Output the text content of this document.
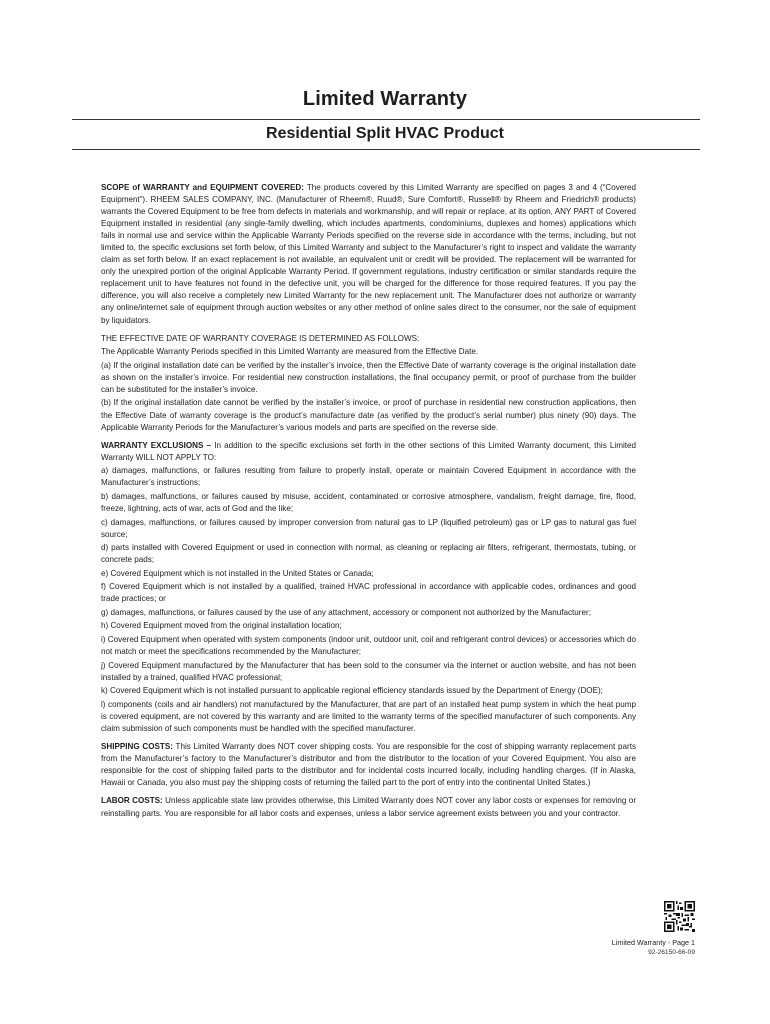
Limited Warranty
Residential Split HVAC Product

SCOPE of WARRANTY and EQUIPMENT COVERED: The products covered by this Limited Warranty are specified on pages 3 and 4 (“Covered Equipment”). RHEEM SALES COMPANY, INC. (Manufacturer of Rheem®, Ruud®, Sure Comfort®, Russell® by Rheem and Friedrich® products) warrants the Covered Equipment to be free from defects in materials and workmanship, and will repair or replace, at its option, ANY PART of Covered Equipment installed in residential (any single-family dwelling, which includes apartments, condominiums, duplexes and homes) applications which fails in normal use and service within the Applicable Warranty Periods specified on the reverse side in accordance with the terms, including, but not limited to, the specific exclusions set forth below, of this Limited Warranty and subject to the Manufacturer’s right to inspect and validate the warranty claim as set forth below. If an exact replacement is not available, an equivalent unit or credit will be provided. The replacement will be warranted for only the unexpired portion of the original Applicable Warranty Period. If government regulations, industry certification or similar standards require the replacement unit to have features not found in the defective unit, you will be charged for the difference for those required features. If you pay the difference, you will also receive a completely new Limited Warranty for the new replacement unit. The Manufacturer does not authorize or warranty any online/internet sale of equipment through auction websites or any other method of online sales direct to the consumer, nor the sale of equipment by liquidators.

THE EFFECTIVE DATE OF WARRANTY COVERAGE IS DETERMINED AS FOLLOWS:

The Applicable Warranty Periods specified in this Limited Warranty are measured from the Effective Date.

(a) If the original installation date can be verified by the installer’s invoice, then the Effective Date of warranty coverage is the original installation date as shown on the installer’s invoice. For residential new construction installations, the final occupancy permit, or proof of purchase from the builder can be substituted for the installer’s invoice.

(b) If the original installation date cannot be verified by the installer’s invoice, or proof of purchase in residential new construction applications, then the Effective Date of warranty coverage is the product’s manufacture date (as verified by the product’s serial number) plus ninety (90) days. The Applicable Warranty Periods for the Manufacturer’s various models and parts are specified on the reverse side.

WARRANTY EXCLUSIONS – In addition to the specific exclusions set forth in the other sections of this Limited Warranty document, this Limited Warranty WILL NOT APPLY TO:

a) damages, malfunctions, or failures resulting from failure to properly install, operate or maintain Covered Equipment in accordance with the Manufacturer’s instructions;

b) damages, malfunctions, or failures caused by misuse, accident, contaminated or corrosive atmosphere, vandalism, freight damage, fire, flood, freeze, lightning, acts of war, acts of God and the like;

c) damages, malfunctions, or failures caused by improper conversion from natural gas to LP (liquified petroleum) gas or LP gas to natural gas fuel source;

d) parts installed with Covered Equipment or used in connection with normal, as cleaning or replacing air filters, refrigerant, thermostats, tubing, or concrete pads;

e) Covered Equipment which is not installed in the United States or Canada;

f) Covered Equipment which is not installed by a qualified, trained HVAC professional in accordance with applicable codes, ordinances and good trade practices; or

g) damages, malfunctions, or failures caused by the use of any attachment, accessory or component not authorized by the Manufacturer;

h) Covered Equipment moved from the original installation location;

i) Covered Equipment when operated with system components (indoor unit, outdoor unit, coil and refrigerant control devices) or accessories which do not match or meet the specifications recommended by the Manufacturer;

j) Covered Equipment manufactured by the Manufacturer that has been sold to the consumer via the internet or auction website, and has not been installed by a trained, qualified HVAC professional;

k) Covered Equipment which is not installed pursuant to applicable regional efficiency standards issued by the Department of Energy (DOE);

l) components (coils and air handlers) not manufactured by the Manufacturer, that are part of an installed heat pump system in which the heat pump is covered equipment, are not covered by this warranty and are limited to the warranty terms of the specified manufacturer of such components. Any claim submission of such components must be handled with the specified manufacturer.

SHIPPING COSTS: This Limited Warranty does NOT cover shipping costs. You are responsible for the cost of shipping warranty replacement parts from the Manufacturer’s factory to the Manufacturer’s distributor and from the distributor to the location of your Covered Equipment. You also are responsible for the cost of shipping failed parts to the distributor and for incidental costs incurred locally, including handling charges. (If in Alaska, Hawaii or Canada, you also must pay the shipping costs of returning the failed part to the port of entry into the continental United States.)

LABOR COSTS: Unless applicable state law provides otherwise, this Limited Warranty does NOT cover any labor costs or expenses for removing or reinstalling parts. You are responsible for all labor costs and expenses, unless a labor service agreement exists between you and your contractor.

Limited Warranty - Page 1
92-26150-66-09
